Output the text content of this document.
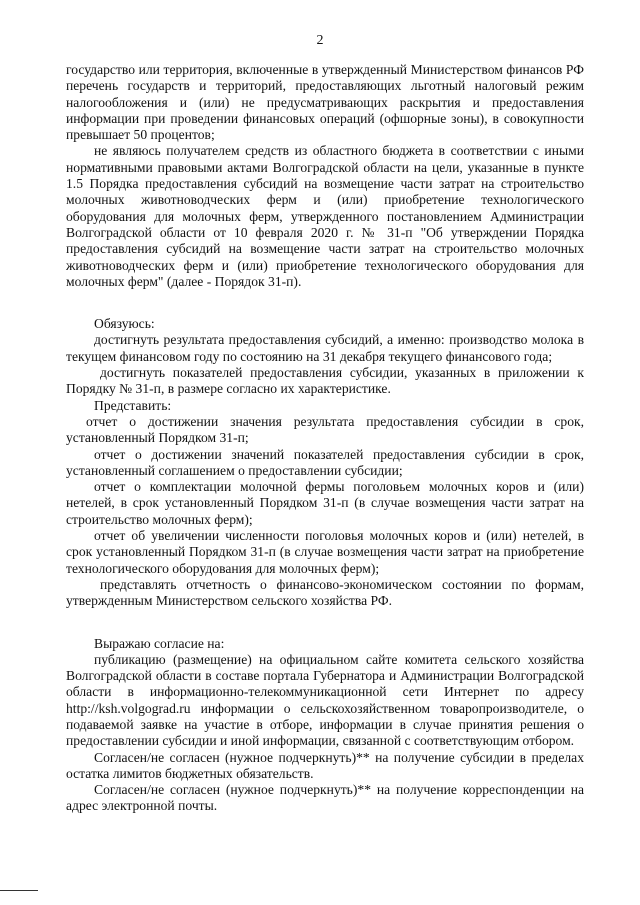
2

государство или территория, включенные в утвержденный Министерством финансов РФ перечень государств и территорий, предоставляющих льготный налоговый режим налогообложения и (или) не предусматривающих раскрытия и предоставления информации при проведении финансовых операций (офшорные зоны), в совокупности превышает 50 процентов;

не являюсь получателем средств из областного бюджета в соответствии с иными нормативными правовыми актами Волгоградской области на цели, указанные в пункте 1.5 Порядка предоставления субсидий на возмещение части затрат на строительство молочных животноводческих ферм и (или) приобретение технологического оборудования для молочных ферм, утвержденного постановлением Администрации Волгоградской области от 10 февраля 2020 г. № 31-п "Об утверждении Порядка предоставления субсидий на возмещение части затрат на строительство молочных животноводческих ферм и (или) приобретение технологического оборудования для молочных ферм" (далее - Порядок 31-п).

Обязуюсь:

достигнуть результата предоставления субсидий, а именно: производство молока в текущем финансовом году по состоянию на 31 декабря текущего финансового года;

достигнуть показателей предоставления субсидии, указанных в приложении к Порядку № 31-п, в размере согласно их характеристике.

Представить:

отчет о достижении значения результата предоставления субсидии в срок, установленный Порядком 31-п;

отчет о достижении значений показателей предоставления субсидии в срок, установленный соглашением о предоставлении субсидии;

отчет о комплектации молочной фермы поголовьем молочных коров и (или) нетелей, в срок установленный Порядком 31-п (в случае возмещения части затрат на строительство молочных ферм);

отчет об увеличении численности поголовья молочных коров и (или) нетелей, в срок установленный Порядком 31-п (в случае возмещения части затрат на приобретение технологического оборудования для молочных ферм);

представлять отчетность о финансово-экономическом состоянии по формам, утвержденным Министерством сельского хозяйства РФ.

Выражаю согласие на:

публикацию (размещение) на официальном сайте комитета сельского хозяйства Волгоградской области в составе портала Губернатора и Администрации Волгоградской области в информационно-телекоммуникационной сети Интернет по адресу http://ksh.volgograd.ru информации о сельскохозяйственном товаропроизводителе, о подаваемой заявке на участие в отборе, информации в случае принятия решения о предоставлении субсидии и иной информации, связанной с соответствующим отбором.

Согласен/не согласен (нужное подчеркнуть)** на получение субсидии в пределах остатка лимитов бюджетных обязательств.

Согласен/не согласен (нужное подчеркнуть)** на получение корреспонденции на адрес электронной почты.
